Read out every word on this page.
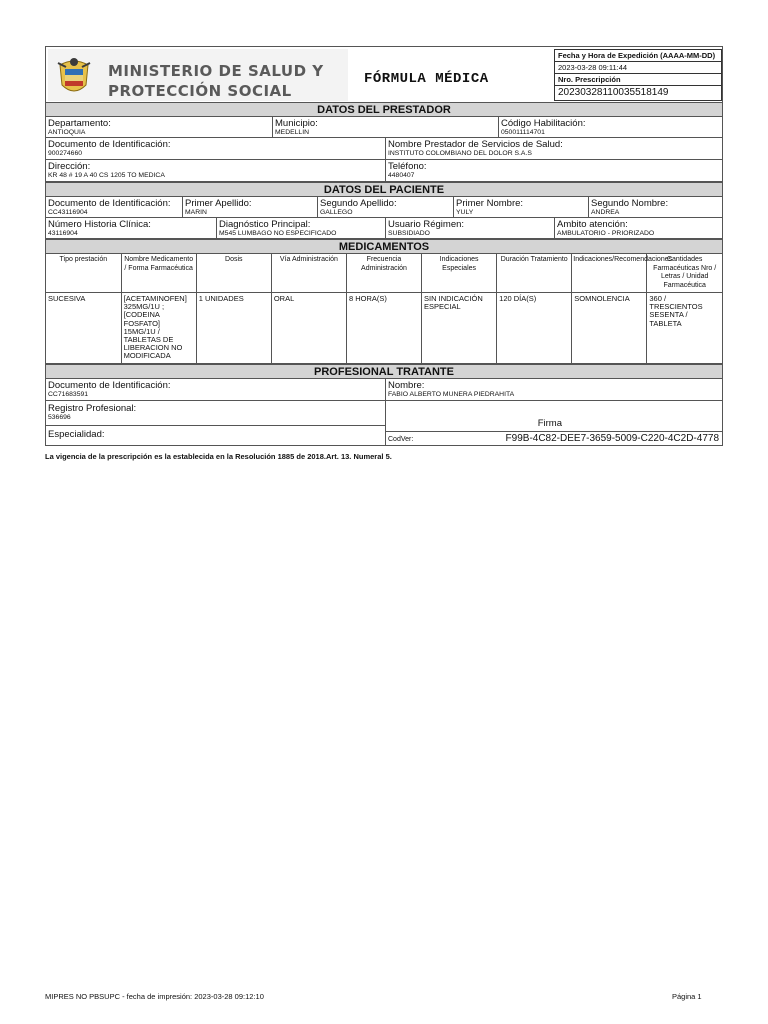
MINISTERIO DE SALUD Y
PROTECCIÓN SOCIAL
FÓRMULA MÉDICA
Fecha y Hora de Expedición (AAAA-MM-DD)
2023-03-28 09:11:44
Nro. Prescripción
20230328110035518149
DATOS DEL PRESTADOR
Departamento:
ANTIOQUIA
Municipio:
MEDELLIN
Código Habilitación:
050011114701
Documento de Identificación:
900274660
Nombre Prestador de Servicios de Salud:
INSTITUTO COLOMBIANO DEL DOLOR S.A.S
Dirección:
KR 48 # 19 A 40 CS 1205 TO MEDICA
Teléfono:
4480407
DATOS DEL PACIENTE
Documento de Identificación:
CC43116904
Primer Apellido:
MARIN
Segundo Apellido:
GALLEGO
Primer Nombre:
YULY
Segundo Nombre:
ANDREA
Número Historia Clínica:
43116904
Diagnóstico Principal:
M545 LUMBAGO NO ESPECIFICADO
Usuario Régimen:
SUBSIDIADO
Ambito atención:
AMBULATORIO - PRIORIZADO
MEDICAMENTOS
Tipo prestación	Nombre Medicamento / Forma Farmacéutica	Dosis	Vía Administración	Frecuencia Administración	Indicaciones Especiales	Duración Tratamiento	Indicaciones/Recomendaciones	Cantidades Farmacéuticas Nro / Letras / Unidad Farmacéutica
SUCESIVA	[ACETAMINOFEN] 325MG/1U ; [CODEINA FOSFATO] 15MG/1U / TABLETAS DE LIBERACION NO MODIFICADA	1 UNIDADES	ORAL	8 HORA(S)	SIN INDICACIÓN ESPECIAL	120 DÍA(S)	SOMNOLENCIA	360 / TRESCIENTOS SESENTA / TABLETA
PROFESIONAL TRATANTE
Documento de Identificación:
CC71683591
Nombre:
FABIO ALBERTO MUNERA PIEDRAHITA
Registro Profesional:
536696
Especialidad:
Firma
CodVer:	F99B-4C82-DEE7-3659-5009-C220-4C2D-4778
La vigencia de la prescripción es la establecida en la Resolución 1885 de 2018.Art. 13. Numeral 5.
MIPRES NO PBSUPC - fecha de impresión: 2023-03-28 09:12:10	Página 1
